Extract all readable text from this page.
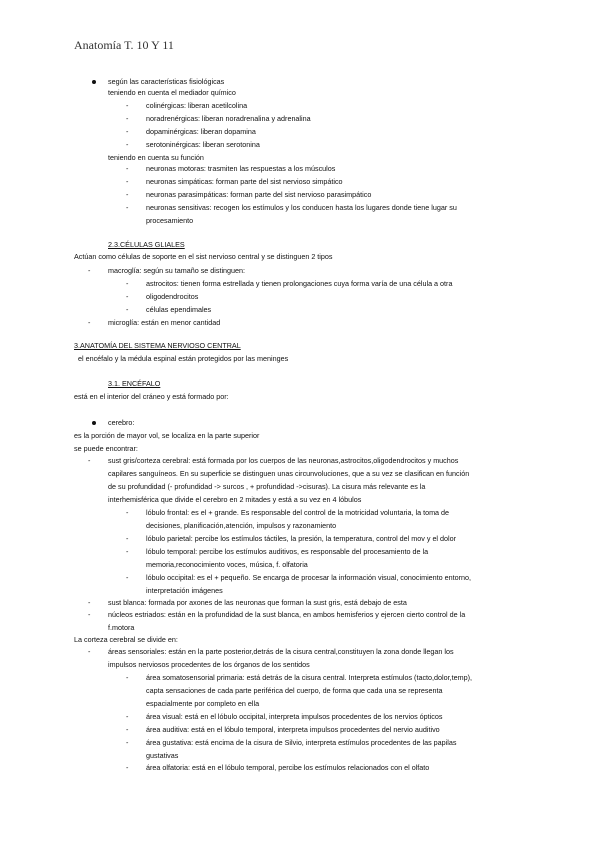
Anatomía T. 10 Y 11
según las características fisiológicas
teniendo en cuenta el mediador químico
- colinérgicas: liberan acetilcolina
- noradrenérgicas: liberan noradrenalina y adrenalina
- dopaminérgicas: liberan dopamina
- serotoninérgicas: liberan serotonina
teniendo en cuenta su función
- neuronas motoras: trasmiten las respuestas a los músculos
- neuronas simpáticas: forman parte del sist nervioso simpático
- neuronas parasimpáticas: forman parte del sist nervioso parasimpático
- neuronas sensitivas: recogen los estímulos y los conducen hasta los lugares donde tiene lugar su
procesamiento
2.3.CÉLULAS GLIALES
Actúan como células de soporte en el sist nervioso central y se distinguen 2 tipos
- macroglía: según su tamaño se distinguen:
- astrocitos: tienen forma estrellada y tienen prolongaciones cuya forma varía de una célula a otra
- oligodendrocitos
- células ependimales
- microglía: están en menor cantidad
3.ANATOMÍA DEL SISTEMA NERVIOSO CENTRAL
el encéfalo y la médula espinal están protegidos por las meninges
3.1. ENCÉFALO
está en el interior del cráneo y está formado por:
cerebro:
es la porción de mayor vol, se localiza en la parte superior
se puede encontrar:
- sust gris/corteza cerebral: está formada por los cuerpos de las neuronas,astrocitos,oligodendrocitos y muchos
capilares sanguíneos. En su superficie se distinguen unas circunvoluciones, que a su vez se clasifican en función
de su profundidad (- profundidad -> surcos , + profundidad ->cisuras). La cisura más relevante es la
interhemisférica que divide el cerebro en 2 mitades y está a su vez en 4 lóbulos
- lóbulo frontal: es el + grande. Es responsable del control de la motricidad voluntaria, la toma de
decisiones, planificación,atención, impulsos y razonamiento
- lóbulo parietal: percibe los estímulos táctiles, la presión, la temperatura, control del mov y el dolor
- lóbulo temporal: percibe los estímulos auditivos, es responsable del procesamiento de la
memoria,reconocimiento voces, música, f. olfatoria
- lóbulo occipital: es el + pequeño. Se encarga de procesar la información visual, conocimiento entorno,
interpretación imágenes
- sust blanca: formada por axones de las neuronas que forman la sust gris, está debajo de esta
- núcleos estriados: están en la profundidad de la sust blanca, en ambos hemisferios y ejercen cierto control de la
f.motora
La corteza cerebral se divide en:
- áreas sensoriales: están en la parte posterior,detrás de la cisura central,constituyen la zona donde llegan los
impulsos nerviosos procedentes de los órganos de los sentidos
- área somatosensorial primaria: está detrás de la cisura central. Interpreta estímulos (tacto,dolor,temp),
capta sensaciones de cada parte periférica del cuerpo, de forma que cada una se representa
espacialmente por completo en ella
- área visual: está en el lóbulo occipital, interpreta impulsos procedentes de los nervios ópticos
- área auditiva: está en el lóbulo temporal, interpreta impulsos procedentes del nervio auditivo
- área gustativa: está encima de la cisura de Silvio, interpreta estímulos procedentes de las papilas
gustativas
- área olfatoria: está en el lóbulo temporal, percibe los estímulos relacionados con el olfato
